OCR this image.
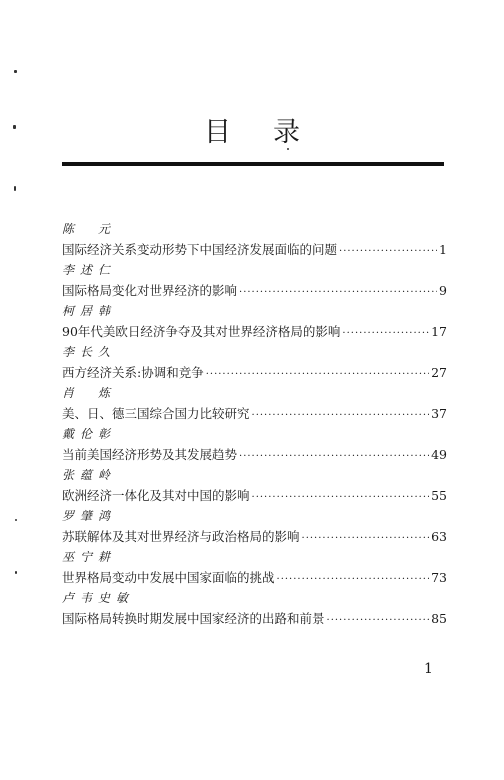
目录
陈　元
国际经济关系变动形势下中国经济发展面临的问题 ·····	1
李述仁
国际格局变化对世界经济的影响 ·····	9
柯居韩
90年代美欧日经济争夺及其对世界经济格局的影响 ·····	17
李长久
西方经济关系:协调和竞争 ·····	27
肖　炼
美、日、德三国综合国力比较研究 ·····	37
戴伦彰
当前美国经济形势及其发展趋势 ·····	49
张蕴岭
欧洲经济一体化及其对中国的影响 ·····	55
罗肇鸿
苏联解体及其对世界经济与政治格局的影响 ·····	63
巫宁耕
世界格局变动中发展中国家面临的挑战 ·····	73
卢韦史敏
国际格局转换时期发展中国家经济的出路和前景 ·····	85
1
